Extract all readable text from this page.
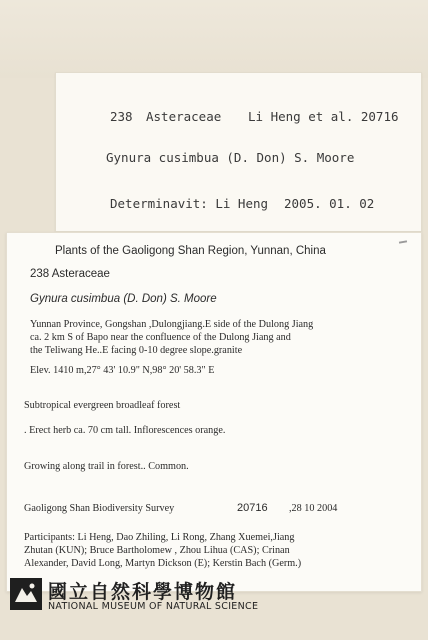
238 Asteraceae Li Heng et al. 20716
Gynura cusimbua (D. Don) S. Moore
Determinavit: Li Heng 2005. 01. 02
Plants of the Gaoligong Shan Region, Yunnan, China
238 Asteraceae
Gynura cusimbua (D. Don) S. Moore
Yunnan Province, Gongshan ,Dulongjiang.E side of the Dulong Jiang
ca. 2 km S of Bapo near the confluence of the Dulong Jiang and
the Teliwang He..E facing 0-10 degree slope.granite
Elev. 1410 m,27° 43' 10.9" N,98° 20' 58.3" E
Subtropical evergreen broadleaf forest
. Erect herb ca. 70 cm tall. Inflorescences orange.
Growing along trail in forest.. Common.
Gaoligong Shan Biodiversity Survey	20716 ,28 10 2004
Participants: Li Heng, Dao Zhiling, Li Rong, Zhang Xuemei,Jiang
Zhutan (KUN); Bruce Bartholomew , Zhou Lihua (CAS); Crinan
Alexander, David Long, Martyn Dickson (E); Kerstin Bach (Germ.)
國立自然科學博物館
NATIONAL MUSEUM OF NATURAL SCIENCE
